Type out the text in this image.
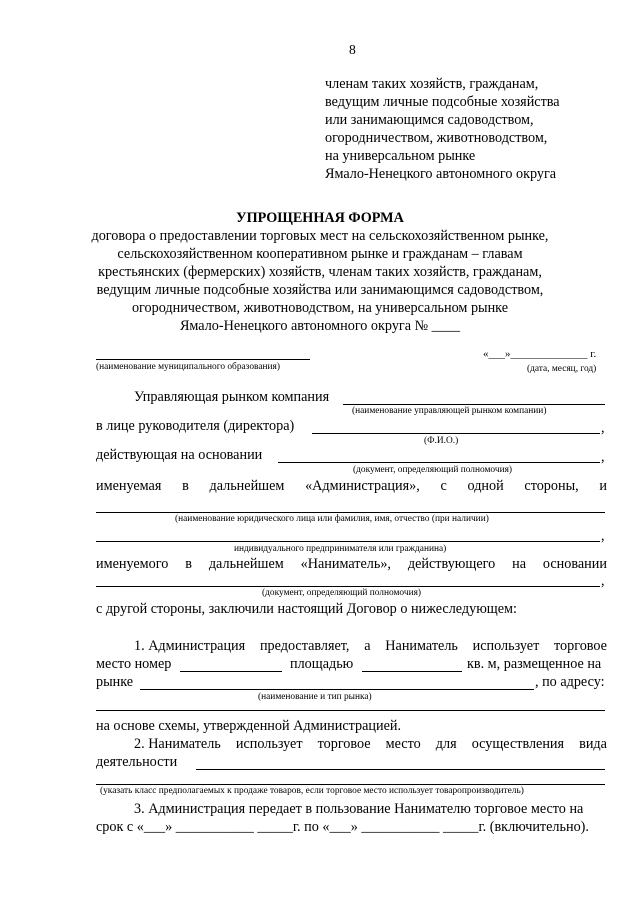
8
членам таких хозяйств, гражданам,
ведущим личные подсобные хозяйства
или занимающимся садоводством,
огородничеством, животноводством,
на универсальном рынке
Ямало-Ненецкого автономного округа
УПРОЩЕННАЯ ФОРМА
договора о предоставлении торговых мест на сельскохозяйственном рынке,
сельскохозяйственном кооперативном рынке и гражданам – главам
крестьянских (фермерских) хозяйств, членам таких хозяйств, гражданам,
ведущим личные подсобные хозяйства или занимающимся садоводством,
огородничеством, животноводством, на универсальном рынке
Ямало-Ненецкого автономного округа № ____
(наименование муниципального образования)
«___»______________ г.
(дата, месяц, год)
Управляющая рынком компания
(наименование управляющей рынком компании)
в лице руководителя (директора)	,
(Ф.И.О.)
действующая на основании	,
(документ, определяющий полномочия)
именуемая в дальнейшем «Администрация», с одной стороны, и
(наименование юридического лица или фамилия, имя, отчество (при наличии)
,
индивидуального предпринимателя или гражданина)
именуемого в дальнейшем «Наниматель», действующего на основании
,
(документ, определяющий полномочия)
с другой стороны, заключили настоящий Договор о нижеследующем:
1. Администрация предоставляет, а Наниматель использует торговое
место номер	площадью	кв. м, размещенное на
рынке	, по адресу:
(наименование и тип рынка)
на основе схемы, утвержденной Администрацией.
2. Наниматель использует торговое место для осуществления вида
деятельности
(указать класс предполагаемых к продаже товаров, если торговое место использует товаропроизводитель)
3. Администрация передает в пользование Нанимателю торговое место на
срок с «___» ___________ _____г. по «___» ___________ _____г. (включительно).
